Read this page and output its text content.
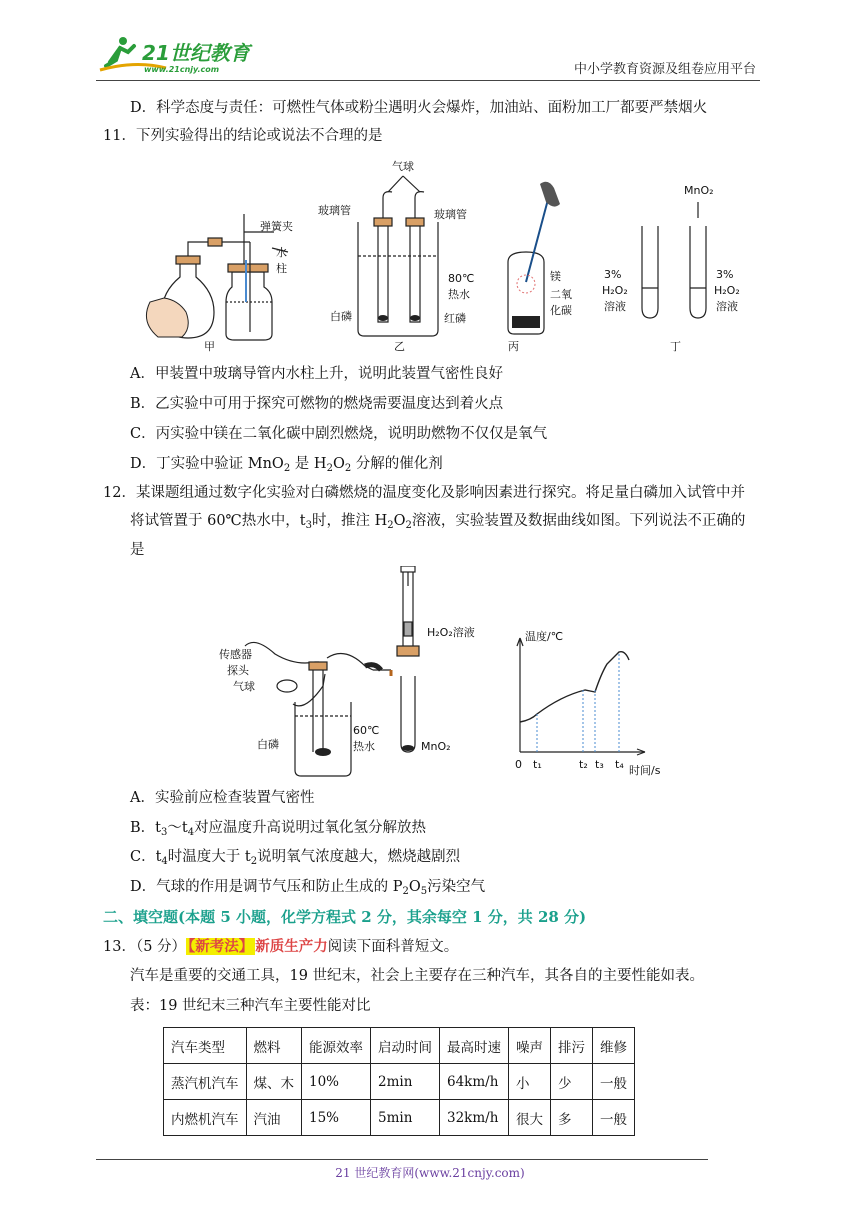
21世纪教育
www.21cnjy.com	中小学教育资源及组卷应用平台
D．科学态度与责任：可燃性气体或粉尘遇明火会爆炸，加油站、面粉加工厂都要严禁烟火
11．下列实验得出的结论或说法不合理的是
弹簧夹
水
柱
甲
气球
玻璃管	玻璃管
80℃
热水
白磷	红磷
乙
镁
二氧
化碳
丙
MnO₂
3%
H₂O₂
溶液
3%
H₂O₂
溶液
丁
A．甲装置中玻璃导管内水柱上升，说明此装置气密性良好
B．乙实验中可用于探究可燃物的燃烧需要温度达到着火点
C．丙实验中镁在二氧化碳中剧烈燃烧，说明助燃物不仅仅是氧气
D．丁实验中验证 MnO$_2$ 是 $H_2O_2$ 分解的催化剂
12．某课题组通过数字化实验对白磷燃烧的温度变化及影响因素进行探究。将足量白磷加入试管中并
将试管置于 60℃热水中，$t_3$时，推注 $H_2O_2$溶液，实验装置及数据曲线如图。下列说法不正确的
是
传感器
探头
气球
白磷
60℃
热水
H₂O₂溶液
MnO₂
温度/℃
时间/s
0 t₁	t₂ t₃ t₄
A．实验前应检查装置气密性
B．$t_3\sim t_4$对应温度升高说明过氧化氢分解放热
C．$t_4$时温度大于 $t_2$说明氧气浓度越大，燃烧越剧烈
D．气球的作用是调节气压和防止生成的 $P_2O_5$污染空气
二、填空题(本题 5 小题，化学方程式 2 分，其余每空 1 分，共 28 分)
13．（5 分） 【新考法】 新质生产力阅读下面科普短文。
汽车是重要的交通工具，19 世纪末，社会上主要存在三种汽车，其各自的主要性能如表。
表：19 世纪末三种汽车主要性能对比
汽车类型	燃料	能源效率	启动时间	最高时速	噪声	排污	维修
蒸汽机汽车	煤、木	10%	2min	64km/h	小	少	一般
内燃机汽车	汽油	15%	5min	32km/h	很大	多	一般
21 世纪教育网(www.21cnjy.com)
